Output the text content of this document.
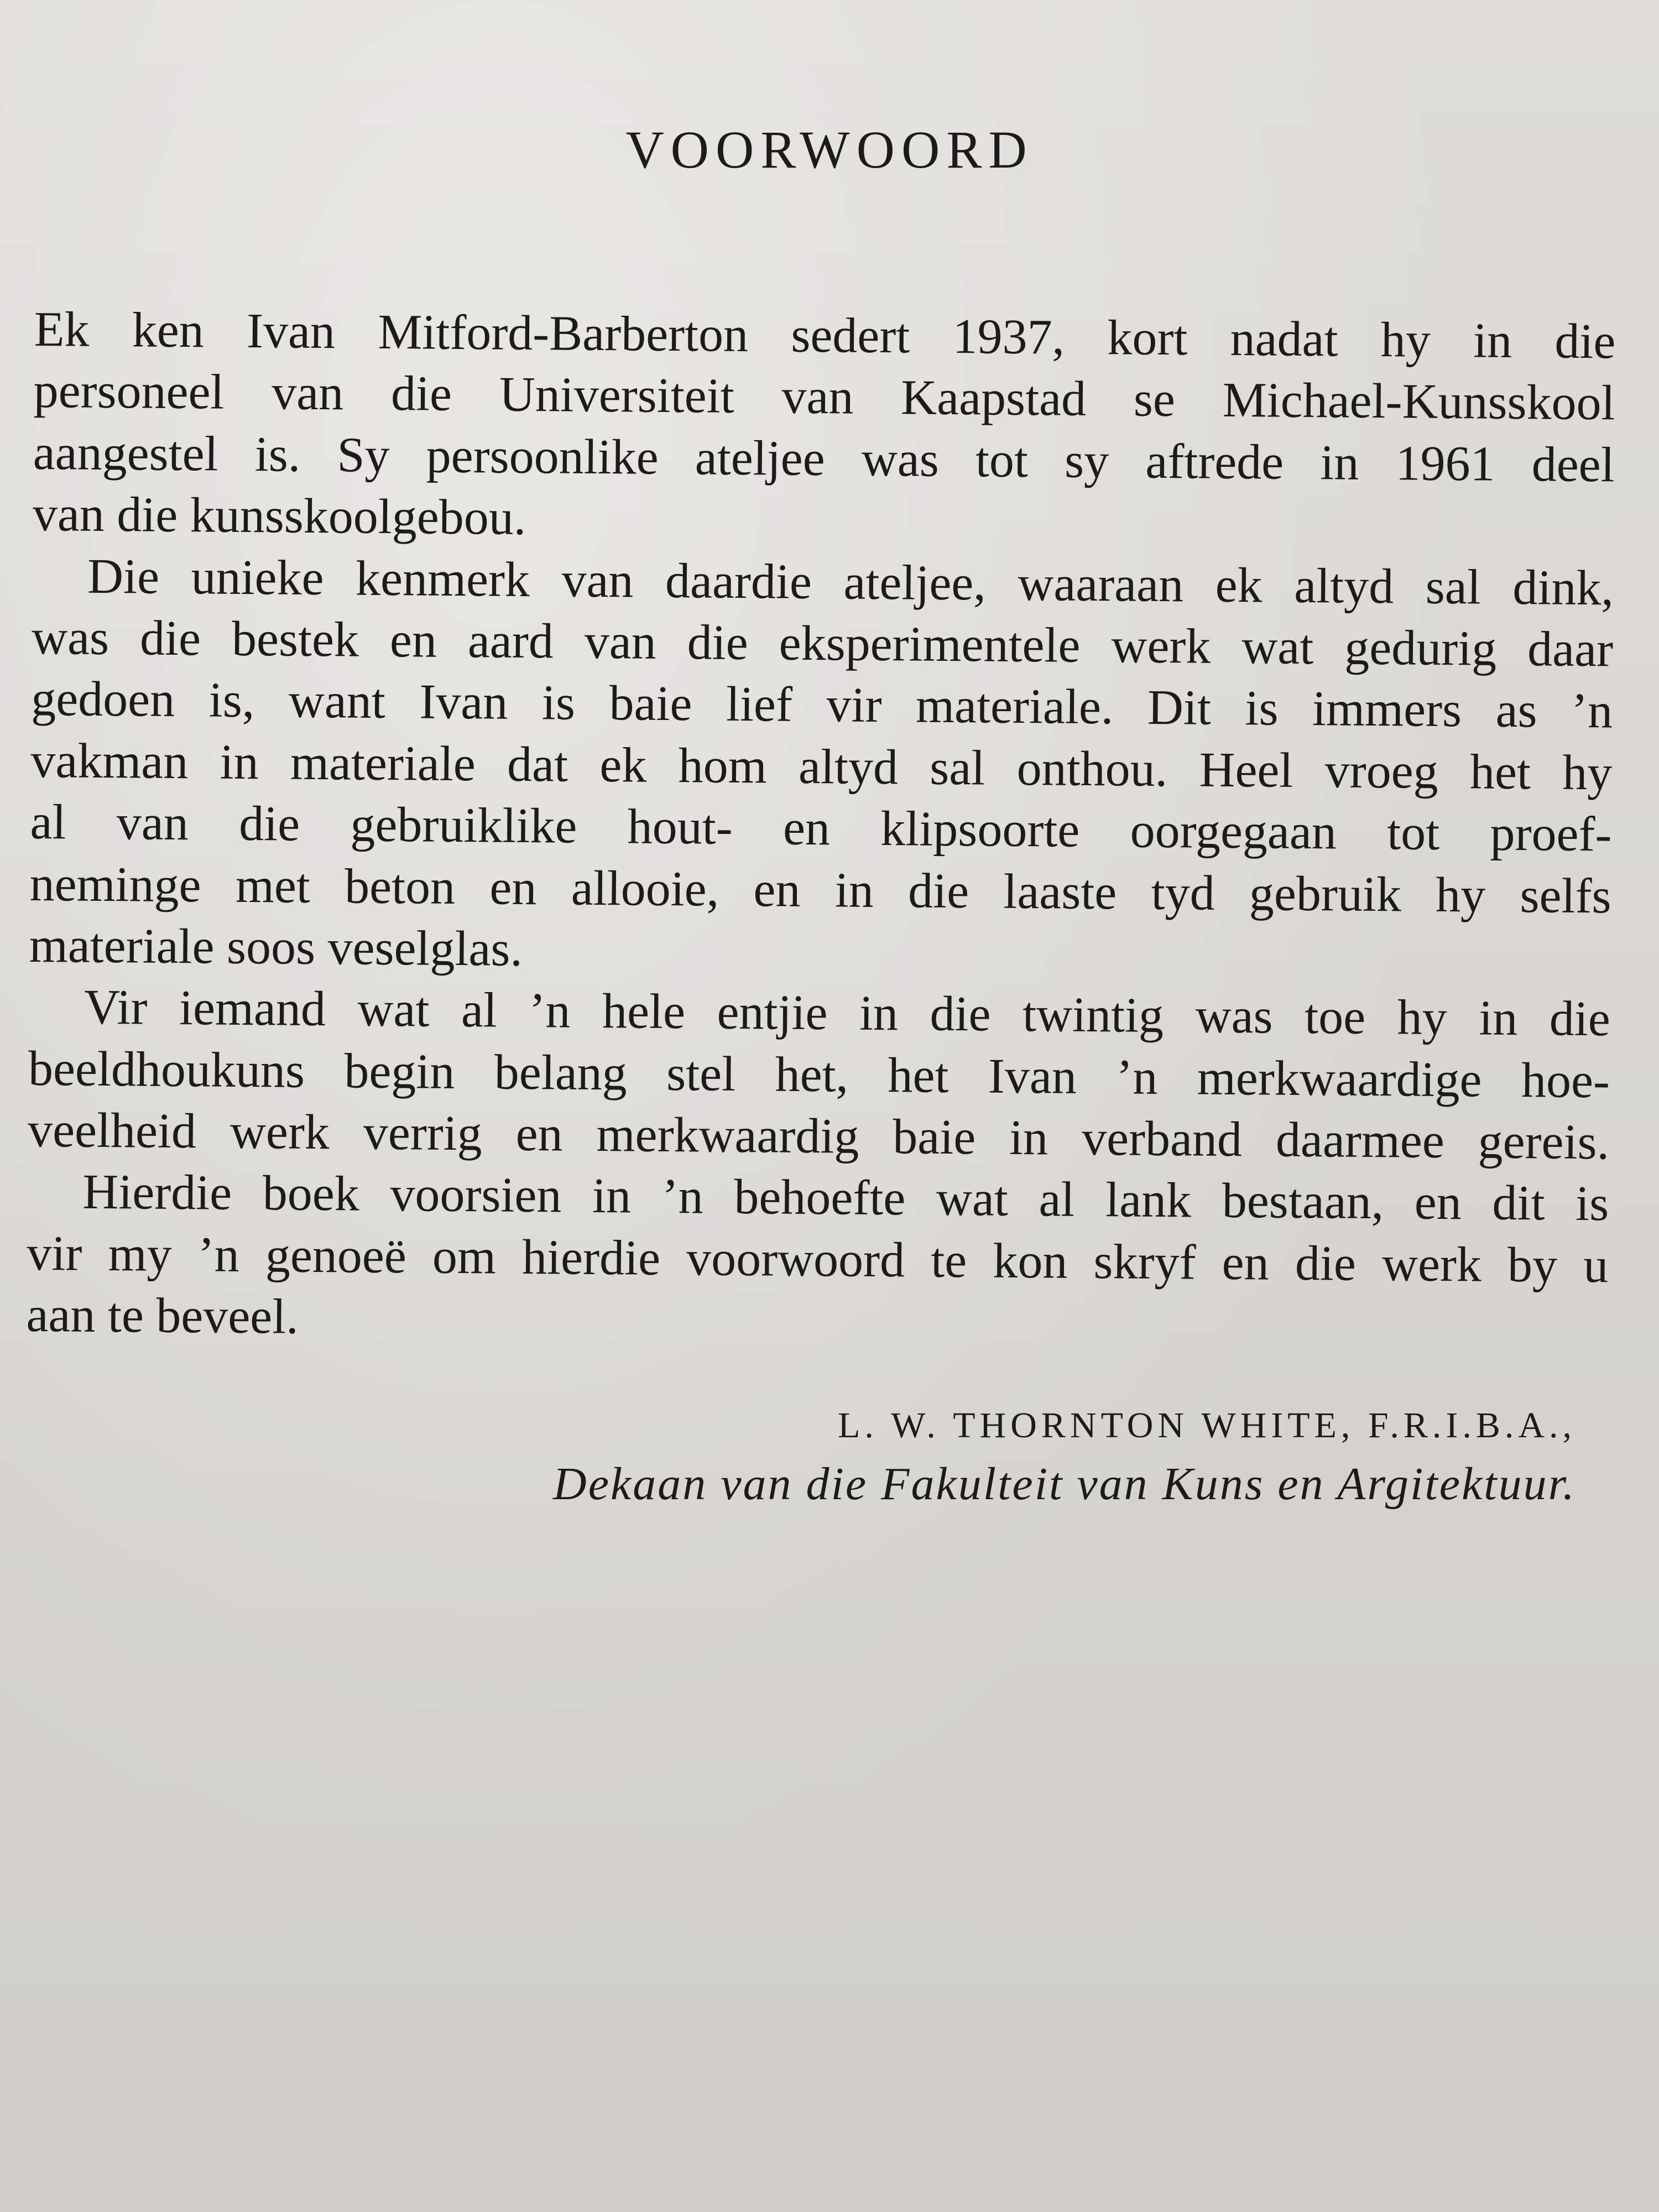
VOORWOORD
Ek ken Ivan Mitford-Barberton sedert 1937, kort nadat hy in die
personeel van die Universiteit van Kaapstad se Michael-Kunsskool
aangestel is. Sy persoonlike ateljee was tot sy aftrede in 1961 deel
van die kunsskoolgebou.
Die unieke kenmerk van daardie ateljee, waaraan ek altyd sal dink,
was die bestek en aard van die eksperimentele werk wat gedurig daar
gedoen is, want Ivan is baie lief vir materiale. Dit is immers as ’n
vakman in materiale dat ek hom altyd sal onthou. Heel vroeg het hy
al van die gebruiklike hout- en klipsoorte oorgegaan tot proef-
neminge met beton en allooie, en in die laaste tyd gebruik hy selfs
materiale soos veselglas.
Vir iemand wat al ’n hele entjie in die twintig was toe hy in die
beeldhoukuns begin belang stel het, het Ivan ’n merkwaardige hoe-
veelheid werk verrig en merkwaardig baie in verband daarmee gereis.
Hierdie boek voorsien in ’n behoefte wat al lank bestaan, en dit is
vir my ’n genoeë om hierdie voorwoord te kon skryf en die werk by u
aan te beveel.
L. W. THORNTON WHITE, F.R.I.B.A.,
Dekaan van die Fakulteit van Kuns en Argitektuur.
